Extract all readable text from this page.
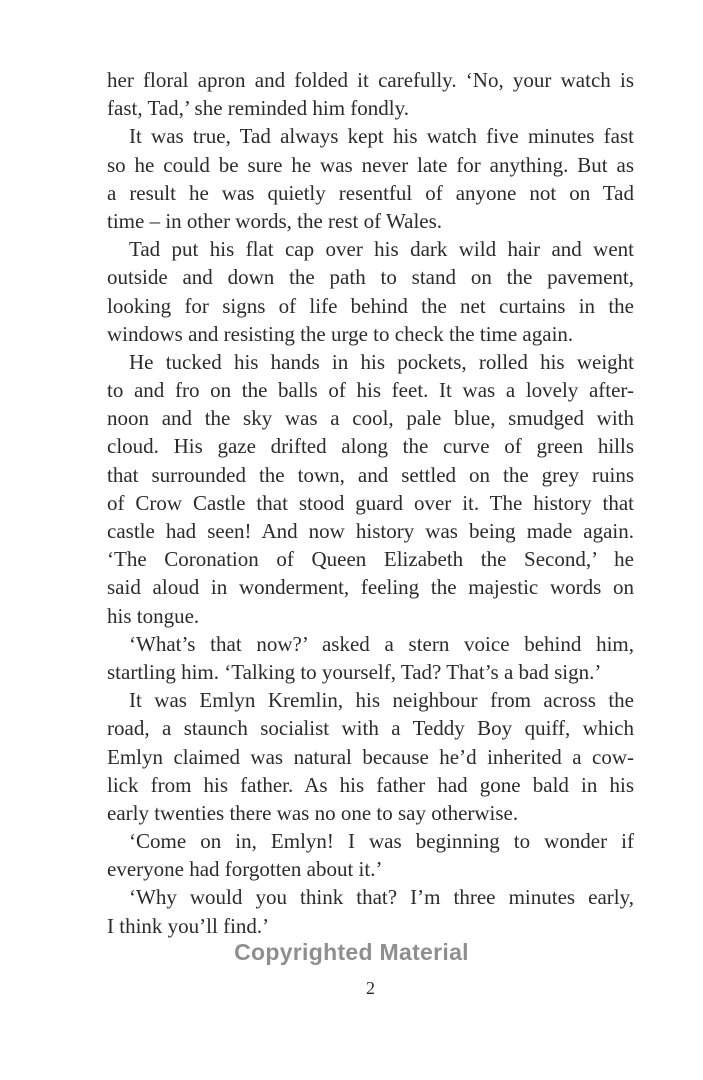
her floral apron and folded it carefully. ‘No, your watch is
fast, Tad,’ she reminded him fondly.
It was true, Tad always kept his watch five minutes fast
so he could be sure he was never late for anything. But as
a result he was quietly resentful of anyone not on Tad
time – in other words, the rest of Wales.
Tad put his flat cap over his dark wild hair and went
outside and down the path to stand on the pavement,
looking for signs of life behind the net curtains in the
windows and resisting the urge to check the time again.
He tucked his hands in his pockets, rolled his weight
to and fro on the balls of his feet. It was a lovely after-
noon and the sky was a cool, pale blue, smudged with
cloud. His gaze drifted along the curve of green hills
that surrounded the town, and settled on the grey ruins
of Crow Castle that stood guard over it. The history that
castle had seen! And now history was being made again.
‘The Coronation of Queen Elizabeth the Second,’ he
said aloud in wonderment, feeling the majestic words on
his tongue.
‘What’s that now?’ asked a stern voice behind him,
startling him. ‘Talking to yourself, Tad? That’s a bad sign.’
It was Emlyn Kremlin, his neighbour from across the
road, a staunch socialist with a Teddy Boy quiff, which
Emlyn claimed was natural because he’d inherited a cow-
lick from his father. As his father had gone bald in his
early twenties there was no one to say otherwise.
‘Come on in, Emlyn! I was beginning to wonder if
everyone had forgotten about it.’
‘Why would you think that? I’m three minutes early,
I think you’ll find.’
Copyrighted Material
2
